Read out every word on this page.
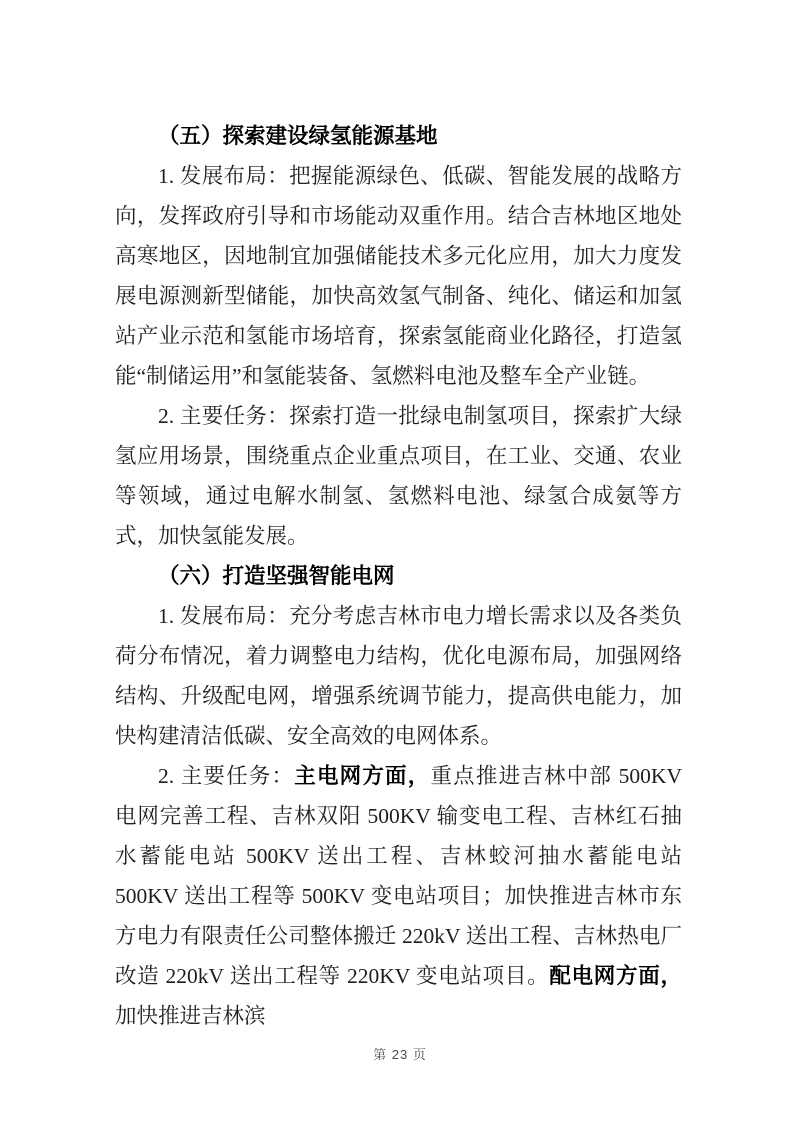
（五）探索建设绿氢能源基地

1. 发展布局：把握能源绿色、低碳、智能发展的战略方向，发挥政府引导和市场能动双重作用。结合吉林地区地处高寒地区，因地制宜加强储能技术多元化应用，加大力度发展电源测新型储能，加快高效氢气制备、纯化、储运和加氢站产业示范和氢能市场培育，探索氢能商业化路径，打造氢能“制储运用”和氢能装备、氢燃料电池及整车全产业链。

2. 主要任务：探索打造一批绿电制氢项目，探索扩大绿氢应用场景，围绕重点企业重点项目，在工业、交通、农业等领域，通过电解水制氢、氢燃料电池、绿氢合成氨等方式，加快氢能发展。

（六）打造坚强智能电网

1. 发展布局：充分考虑吉林市电力增长需求以及各类负荷分布情况，着力调整电力结构，优化电源布局，加强网络结构、升级配电网，增强系统调节能力，提高供电能力，加快构建清洁低碳、安全高效的电网体系。

2. 主要任务：主电网方面，重点推进吉林中部 500KV 电网完善工程、吉林双阳 500KV 输变电工程、吉林红石抽水蓄能电站 500KV 送出工程、吉林蛟河抽水蓄能电站 500KV 送出工程等 500KV 变电站项目；加快推进吉林市东方电力有限责任公司整体搬迁 220kV 送出工程、吉林热电厂改造 220kV 送出工程等 220KV 变电站项目。配电网方面，加快推进吉林滨

第 23 页
